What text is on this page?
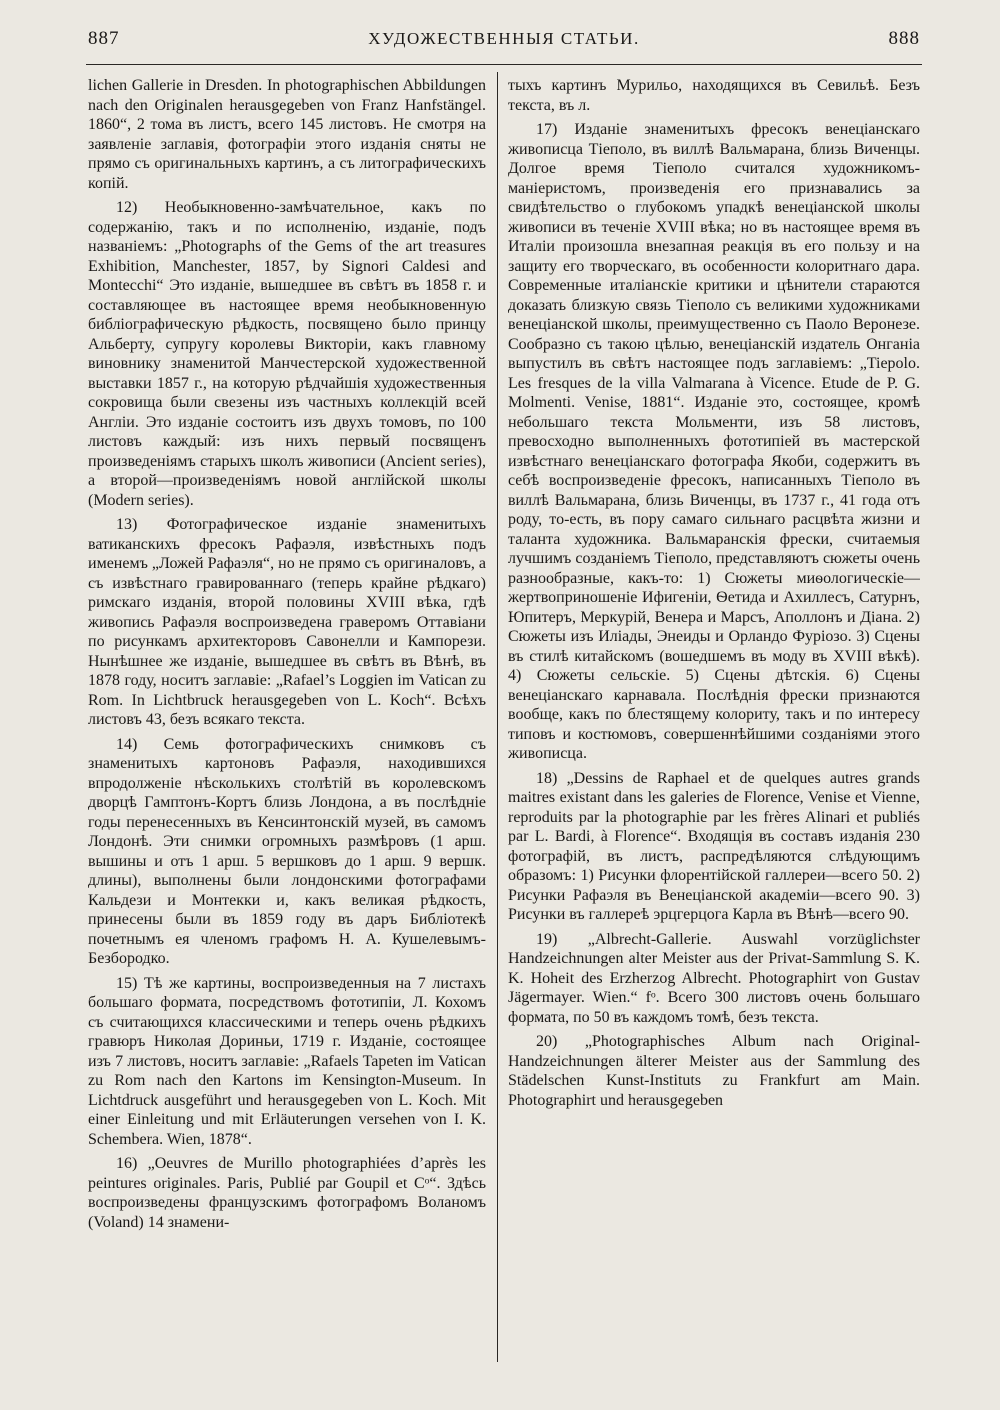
887	ХУДОЖЕСТВЕННЫЯ СТАТЬИ.	888

lichen Gallerie in Dresden. In photographischen Abbildungen nach den Originalen herausgegeben von Franz Hanfstängel. 1860“, 2 тома въ листъ, всего 145 листовъ. Не смотря на заявленіе заглавія, фотографіи этого изданія сняты не прямо съ оригинальныхъ картинъ, а съ литографическихъ копій.

12) Необыкновенно-замѣчательное, какъ по содержанію, такъ и по исполненію, изданіе, подъ названіемъ: „Photographs of the Gems of the art treasures Exhibition, Manchester, 1857, by Signori Caldesi and Montecchi“ Это изданіе, вышедшее въ свѣтъ въ 1858 г. и составляющее въ настоящее время необыкновенную библіографическую рѣдкость, посвящено было принцу Альберту, супругу королевы Викторіи, какъ главному виновнику знаменитой Манчестерской художественной выставки 1857 г., на которую рѣдчайшія художественныя сокровища были свезены изъ частныхъ коллекцій всей Англіи. Это изданіе состоитъ изъ двухъ томовъ, по 100 листовъ каждый: изъ нихъ первый посвященъ произведеніямъ старыхъ школъ живописи (Ancient series), а второй—произведеніямъ новой англійской школы (Modern series).

13) Фотографическое изданіе знаменитыхъ ватиканскихъ фресокъ Рафаэля, извѣстныхъ подъ именемъ „Ложей Рафаэля“, но не прямо съ оригиналовъ, а съ извѣстнаго гравированнаго (теперь крайне рѣдкаго) римскаго изданія, второй половины XVIII вѣка, гдѣ живопись Рафаэля воспроизведена граверомъ Оттавіани по рисункамъ архитекторовъ Савонелли и Кампорези. Нынѣшнее же изданіе, вышедшее въ свѣтъ въ Вѣнѣ, въ 1878 году, носитъ заглавіе: „Rafael’s Loggien im Vatican zu Rom. In Lichtbruck herausgegeben von L. Koch“. Всѣхъ листовъ 43, безъ всякаго текста.

14) Семь фотографическихъ снимковъ съ знаменитыхъ картоновъ Рафаэля, находившихся впродолженіе нѣсколькихъ столѣтій въ королевскомъ дворцѣ Гамптонъ-Кортъ близь Лондона, а въ послѣдніе годы перенесенныхъ въ Кенсинтонскій музей, въ самомъ Лондонѣ. Эти снимки огромныхъ размѣровъ (1 арш. вышины и отъ 1 арш. 5 вершковъ до 1 арш. 9 вершк. длины), выполнены были лондонскими фотографами Кальдези и Монтекки и, какъ великая рѣдкость, принесены были въ 1859 году въ даръ Библіотекѣ почетнымъ ея членомъ графомъ Н. А. Кушелевымъ-Безбородко.

15) Тѣ же картины, воспроизведенныя на 7 листахъ большаго формата, посредствомъ фототипіи, Л. Кохомъ съ считающихся классическими и теперь очень рѣдкихъ гравюръ Николая Дориньи, 1719 г. Изданіе, состоящее изъ 7 листовъ, носитъ заглавіе: „Rafaels Tapeten im Vatican zu Rom nach den Kartons im Kensington-Museum. In Lichtdruck ausgeführt und herausgegeben von L. Koch. Mit einer Einleitung und mit Erläuterungen versehen von I. K. Schembera. Wien, 1878“.

16) „Oeuvres de Murillo photographiées d’après les peintures originales. Paris, Publié par Goupil et Cᵒ“. Здѣсь воспроизведены французскимъ фотографомъ Воланомъ (Voland) 14 знамени-

тыхъ картинъ Мурильо, находящихся въ Севильѣ. Безъ текста, въ л.

17) Изданіе знаменитыхъ фресокъ венеціанскаго живописца Тіеполо, въ виллѣ Вальмарана, близь Виченцы. Долгое время Тіеполо считался художникомъ-маніеристомъ, произведенія его признавались за свидѣтельство о глубокомъ упадкѣ венеціанской школы живописи въ теченіе XVIII вѣка; но въ настоящее время въ Италіи произошла внезапная реакція въ его пользу и на защиту его творческаго, въ особенности колоритнаго дара. Современные италіанскіе критики и цѣнители стараются доказать близкую связь Тіеполо съ великими художниками венеціанской школы, преимущественно съ Паоло Веронезе. Сообразно съ такою цѣлью, венеціанскій издатель Онганіа выпустилъ въ свѣтъ настоящее подъ заглавіемъ: „Tiepolo. Les fresques de la villa Valmarana à Vicence. Etude de P. G. Molmenti. Venise, 1881“. Изданіе это, состоящее, кромѣ небольшаго текста Мольменти, изъ 58 листовъ, превосходно выполненныхъ фототипіей въ мастерской извѣстнаго венеціанскаго фотографа Якоби, содержитъ въ себѣ воспроизведеніе фресокъ, написанныхъ Тіеполо въ виллѣ Вальмарана, близь Виченцы, въ 1737 г., 41 года отъ роду, то-есть, въ пору самаго сильнаго расцвѣта жизни и таланта художника. Вальмаранскія фрески, считаемыя лучшимъ созданіемъ Тіеполо, представляютъ сюжеты очень разнообразные, какъ-то: 1) Сюжеты миѳологическіе—жертвоприношеніе Ифигеніи, Ѳетида и Ахиллесъ, Сатурнъ, Юпитеръ, Меркурій, Венера и Марсъ, Аполлонъ и Діана. 2) Сюжеты изъ Иліады, Энеиды и Орландо Фуріозо. 3) Сцены въ стилѣ китайскомъ (вошедшемъ въ моду въ XVIII вѣкѣ). 4) Сюжеты сельскіе. 5) Сцены дѣтскія. 6) Сцены венеціанскаго карнавала. Послѣднія фрески признаются вообще, какъ по блестящему колориту, такъ и по интересу типовъ и костюмовъ, совершеннѣйшими созданіями этого живописца.

18) „Dessins de Raphael et de quelques autres grands maitres existant dans les galeries de Florence, Venise et Vienne, reproduits par la photographie par les frères Alinari et publiés par L. Bardi, à Florence“. Входящія въ составъ изданія 230 фотографій, въ листъ, распредѣляются слѣдующимъ образомъ: 1) Рисунки флорентійской галлереи—всего 50. 2) Рисунки Рафаэля въ Венеціанской академіи—всего 90. 3) Рисунки въ галлереѣ эрцгерцога Карла въ Вѣнѣ—всего 90.

19) „Albrecht-Gallerie. Auswahl vorzüglichster Handzeichnungen alter Meister aus der Privat-Sammlung S. K. K. Hoheit des Erzherzog Albrecht. Photographirt von Gustav Jägermayer. Wien.“ fᵒ. Всего 300 листовъ очень большаго формата, по 50 въ каждомъ томѣ, безъ текста.

20) „Photographisches Album nach Original-Handzeichnungen älterer Meister aus der Sammlung des Städelschen Kunst-Instituts zu Frankfurt am Main. Photographirt und herausgegeben
